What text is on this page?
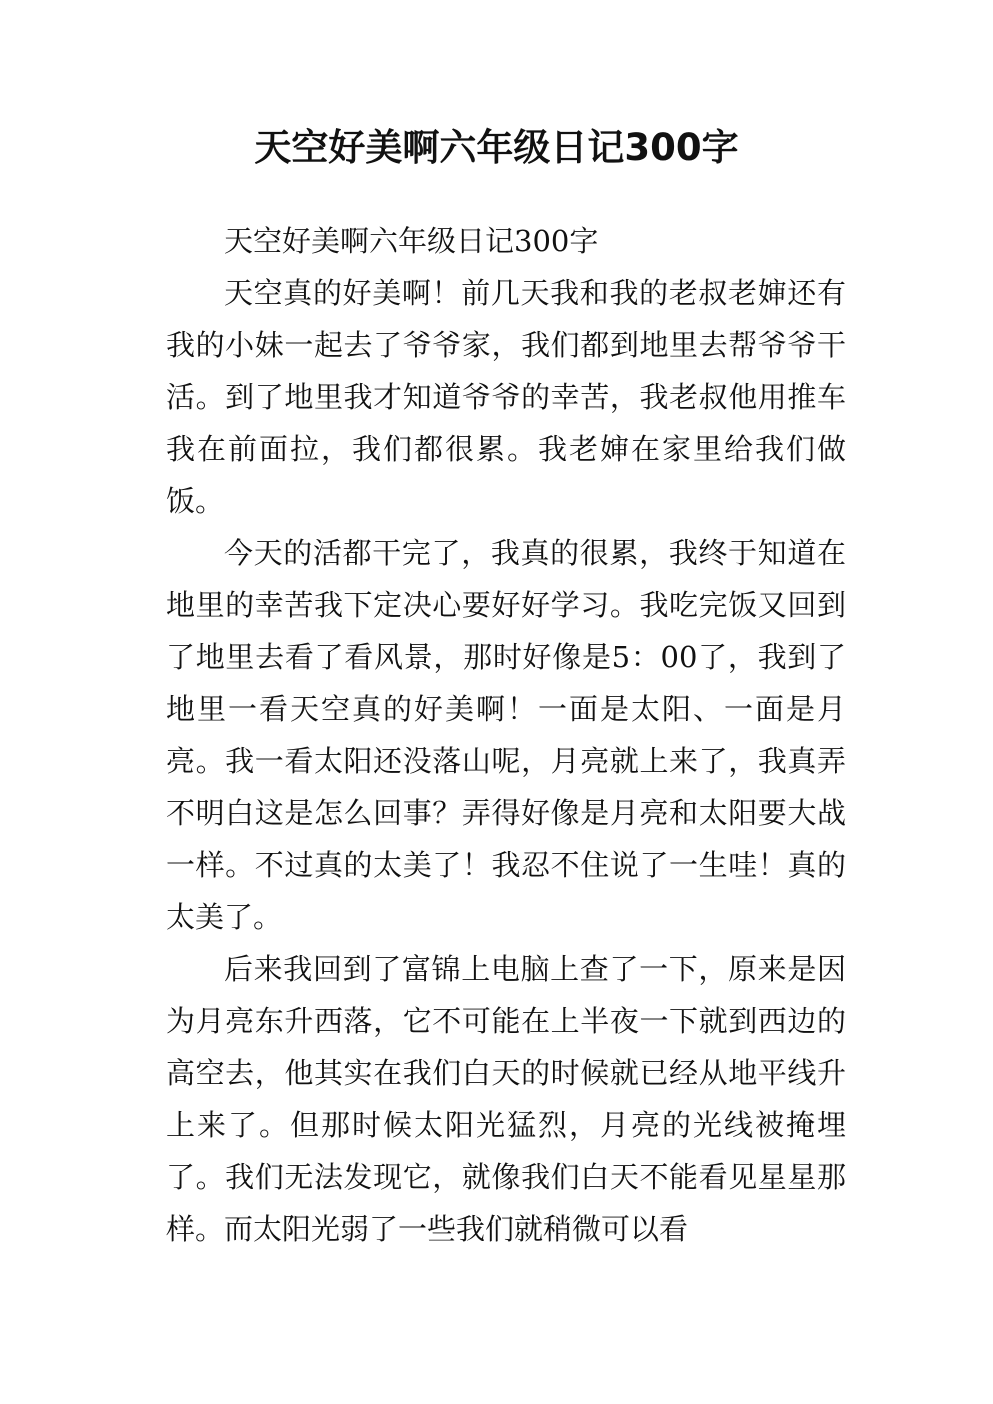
天空好美啊六年级日记300字

天空好美啊六年级日记300字

天空真的好美啊！前几天我和我的老叔老婶还有我的小妹一起去了爷爷家，我们都到地里去帮爷爷干活。到了地里我才知道爷爷的幸苦，我老叔他用推车我在前面拉，我们都很累。我老婶在家里给我们做饭。

今天的活都干完了，我真的很累，我终于知道在地里的幸苦我下定决心要好好学习。我吃完饭又回到了地里去看了看风景，那时好像是5：00了，我到了地里一看天空真的好美啊！一面是太阳、一面是月亮。我一看太阳还没落山呢，月亮就上来了，我真弄不明白这是怎么回事？弄得好像是月亮和太阳要大战一样。不过真的太美了！我忍不住说了一生哇！真的太美了。

后来我回到了富锦上电脑上查了一下，原来是因为月亮东升西落，它不可能在上半夜一下就到西边的高空去，他其实在我们白天的时候就已经从地平线升上来了。但那时候太阳光猛烈，月亮的光线被掩埋了。我们无法发现它，就像我们白天不能看见星星那样。而太阳光弱了一些我们就稍微可以看
